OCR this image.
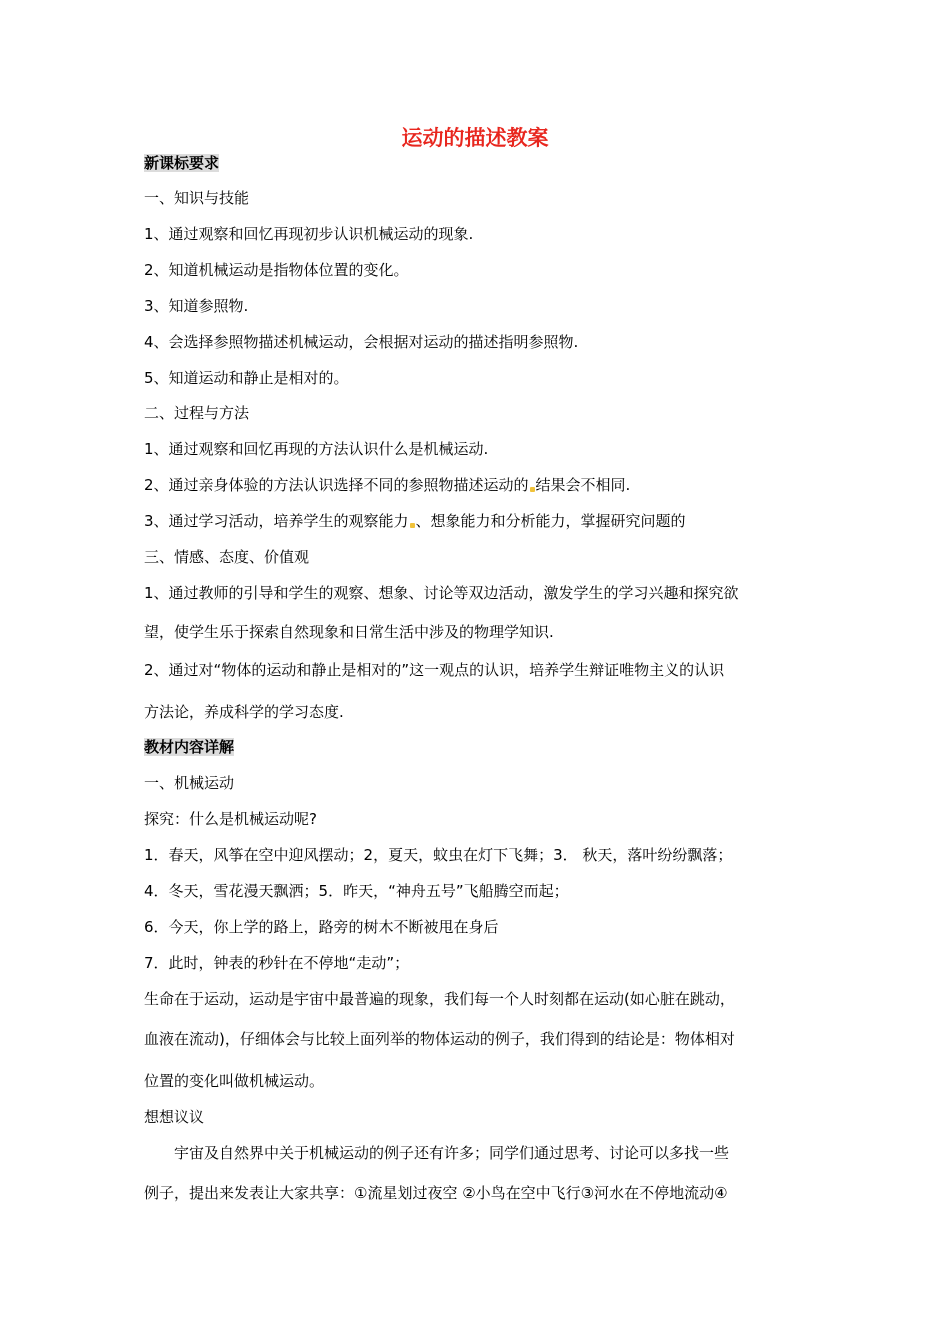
运动的描述教案
新课标要求
一、知识与技能
1、通过观察和回忆再现初步认识机械运动的现象.
2、知道机械运动是指物体位置的变化。
3、知道参照物.
4、会选择参照物描述机械运动，会根据对运动的描述指明参照物.
5、知道运动和静止是相对的。
二、过程与方法
1、通过观察和回忆再现的方法认识什么是机械运动.
2、通过亲身体验的方法认识选择不同的参照物描述运动的 结果会不相同.
3、通过学习活动，培养学生的观察能力 、想象能力和分析能力，掌握研究问题的
三、情感、态度、价值观
1、通过教师的引导和学生的观察、想象、讨论等双边活动，激发学生的学习兴趣和探究欲
望，使学生乐于探索自然现象和日常生活中涉及的物理学知识.
2、通过对“物体的运动和静止是相对的”这一观点的认识，培养学生辩证唯物主义的认识
方法论，养成科学的学习态度.
教材内容详解
一、机械运动
探究：什么是机械运动呢?
1．春天，风筝在空中迎风摆动；2，夏天，蚊虫在灯下飞舞；3． 秋天，落叶纷纷飘落；
4．冬天，雪花漫天飘洒；5．昨天，“神舟五号”飞船腾空而起；
6．今天，你上学的路上，路旁的树木不断被甩在身后
7．此时，钟表的秒针在不停地“走动”；
生命在于运动，运动是宇宙中最普遍的现象，我们每一个人时刻都在运动(如心脏在跳动，
血液在流动)，仔细体会与比较上面列举的物体运动的例子，我们得到的结论是：物体相对
位置的变化叫做机械运动。
想想议议
宇宙及自然界中关于机械运动的例子还有许多；同学们通过思考、讨论可以多找一些
例子，提出来发表让大家共享：①流星划过夜空 ②小鸟在空中飞行③河水在不停地流动④
